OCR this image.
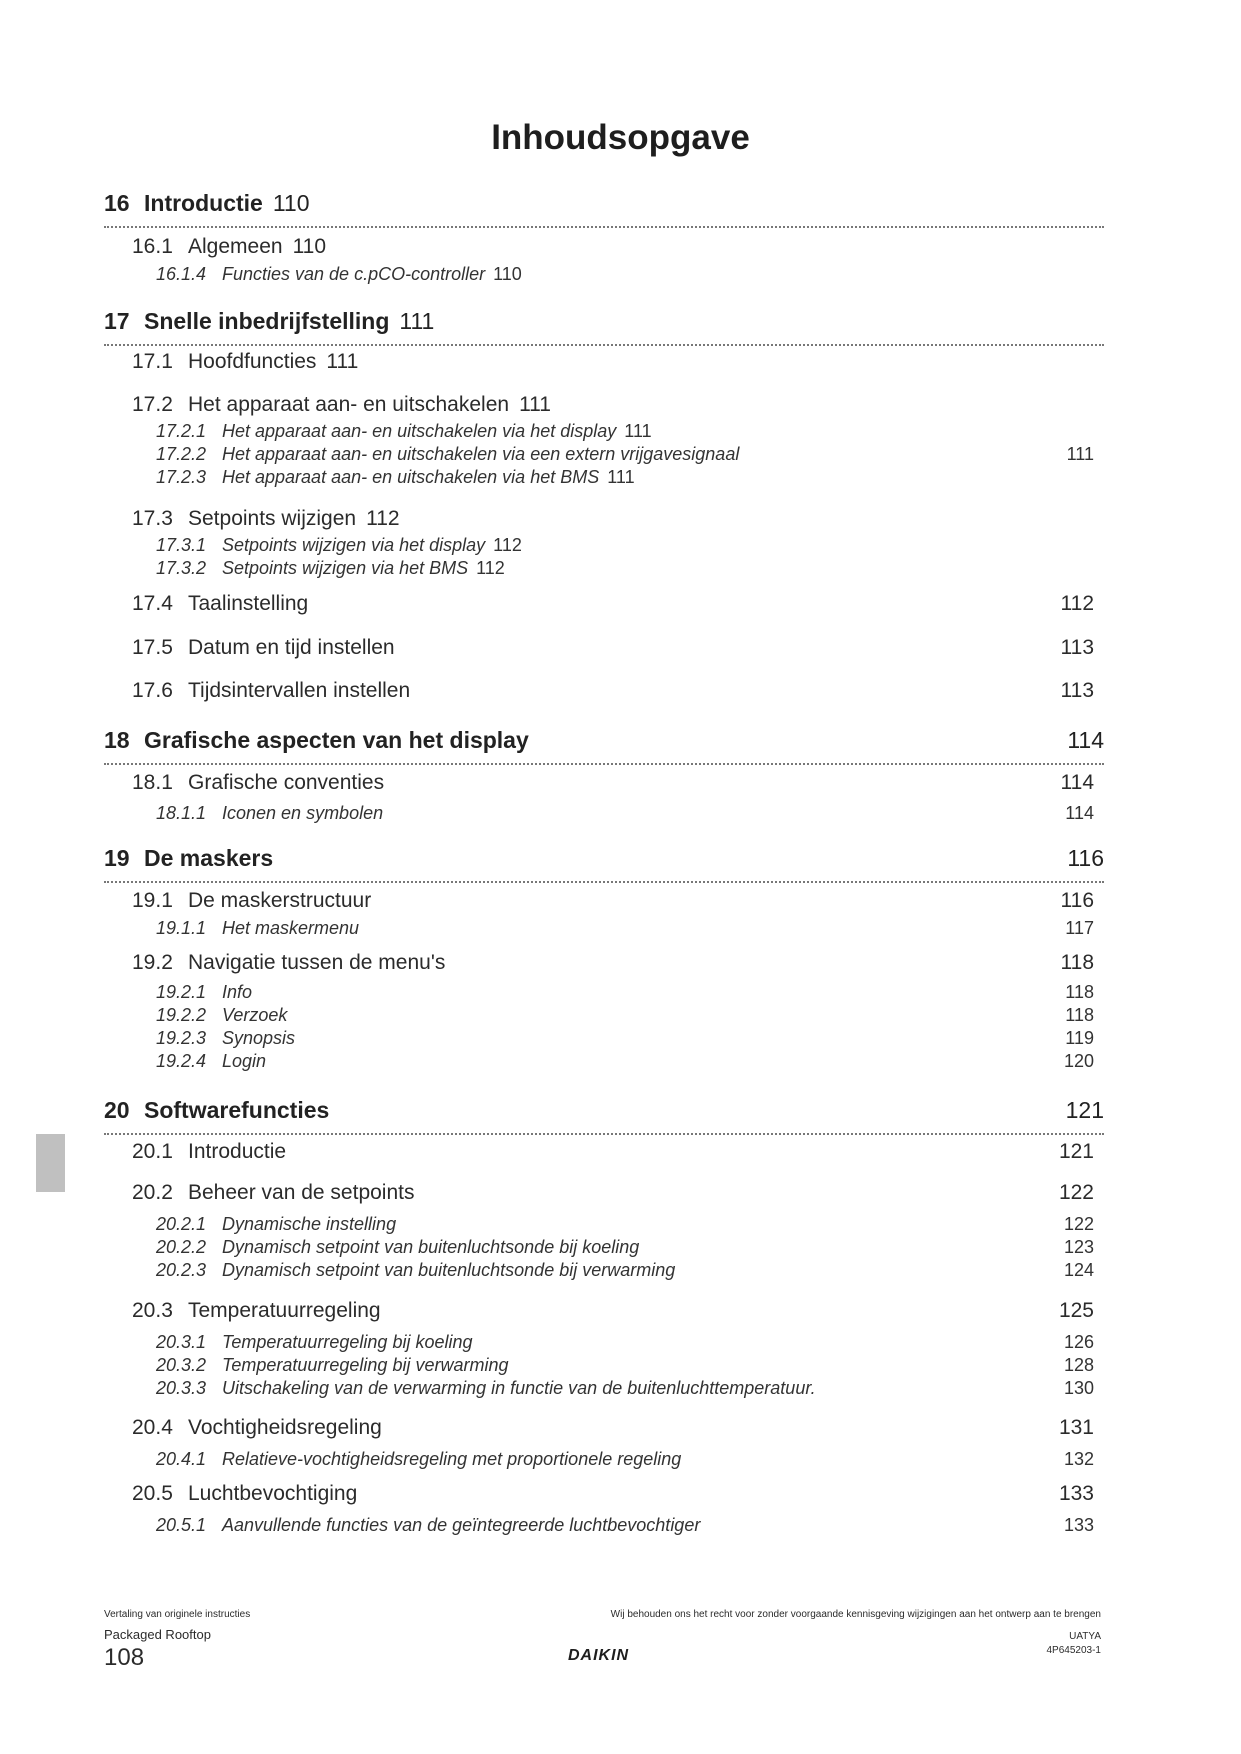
Inhoudsopgave
16 Introductie 110
16.1 Algemeen 110
16.1.4 Functies van de c.pCO-controller 110
17 Snelle inbedrijfstelling 111
17.1 Hoofdfuncties 111
17.2 Het apparaat aan- en uitschakelen 111
17.2.1 Het apparaat aan- en uitschakelen via het display 111
17.2.2 Het apparaat aan- en uitschakelen via een extern vrijgavesignaal	111
17.2.3 Het apparaat aan- en uitschakelen via het BMS 111
17.3 Setpoints wijzigen 112
17.3.1 Setpoints wijzigen via het display 112
17.3.2 Setpoints wijzigen via het BMS 112
17.4 Taalinstelling	112
17.5 Datum en tijd instellen	113
17.6 Tijdsintervallen instellen	113
18 Grafische aspecten van het display	114
18.1 Grafische conventies	114
18.1.1 Iconen en symbolen	114
19 De maskers	116
19.1 De maskerstructuur	116
19.1.1 Het maskermenu	117
19.2 Navigatie tussen de menu's	118
19.2.1 Info	118
19.2.2 Verzoek	118
19.2.3 Synopsis	119
19.2.4 Login	120
20 Softwarefuncties	121
20.1 Introductie	121
20.2 Beheer van de setpoints	122
20.2.1 Dynamische instelling	122
20.2.2 Dynamisch setpoint van buitenluchtsonde bij koeling	123
20.2.3 Dynamisch setpoint van buitenluchtsonde bij verwarming	124
20.3 Temperatuurregeling	125
20.3.1 Temperatuurregeling bij koeling	126
20.3.2 Temperatuurregeling bij verwarming	128
20.3.3 Uitschakeling van de verwarming in functie van de buitenluchttemperatuur.	130
20.4 Vochtigheidsregeling	131
20.4.1 Relatieve-vochtigheidsregeling met proportionele regeling	132
20.5 Luchtbevochtiging	133
20.5.1 Aanvullende functies van de geïntegreerde luchtbevochtiger	133
Vertaling van originele instructies	Wij behouden ons het recht voor zonder voorgaande kennisgeving wijzigingen aan het ontwerp aan te brengen
Packaged Rooftop
108	DAIKIN
UATYA
4P645203-1
